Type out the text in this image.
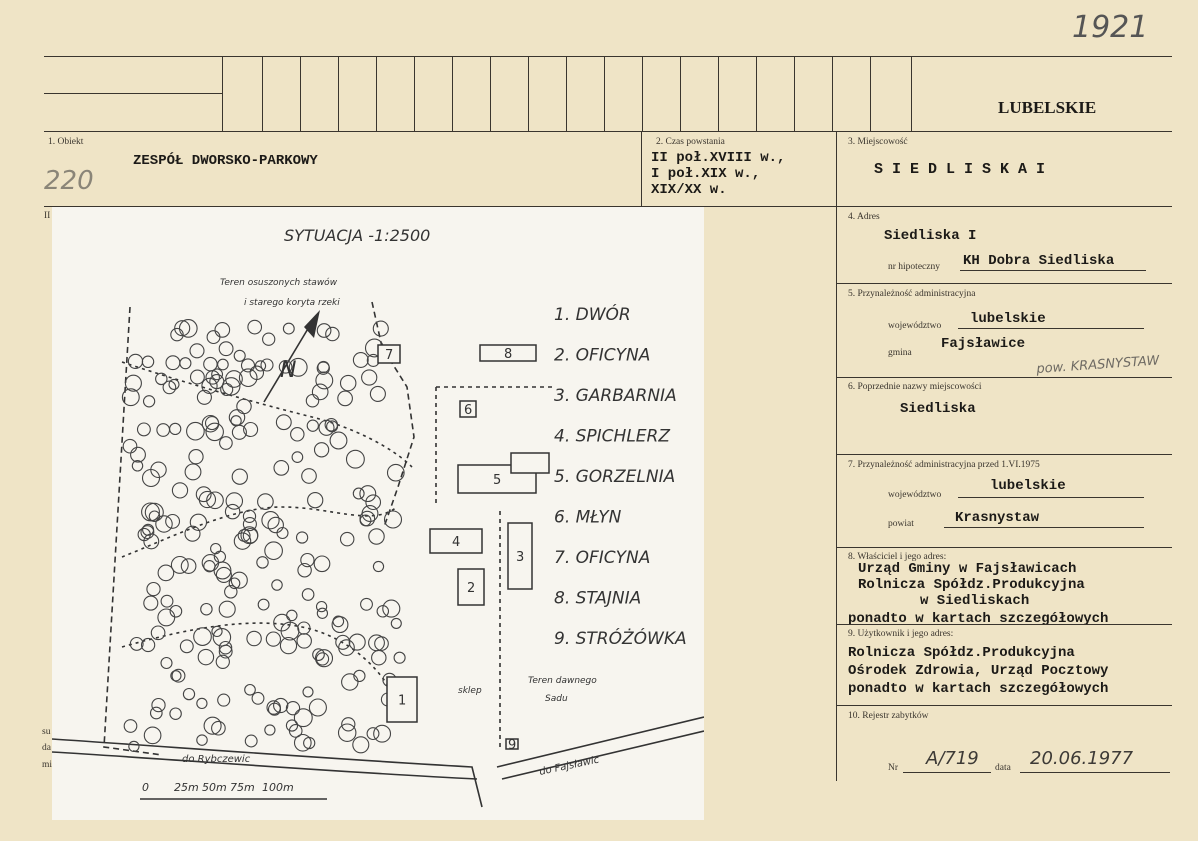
1921
LUBELSKIE
1. Obiekt
ZESPÓŁ DWORSKO-PARKOWY
220
2. Czas powstania
II poł.XVIII w.,
I poł.XIX w.,
XIX/XX w.
3. Miejscowość
S I E D L I S K A I
II	4. Adres
Siedliska I
nr hipoteczny KH Dobra Siedliska
5. Przynależność administracyjna
województwo lubelskie
gmina
Fajsławice
pow. KRASNYSTAW
6. Poprzednie nazwy miejscowości
Siedliska
7. Przynależność administracyjna przed 1.VI.1975
województwo
lubelskie
powiat	Krasnystaw
8. Właściciel i jego adres:
Urząd Gminy w Fajsławicach
Rolnicza Spółdz.Produkcyjna
w Siedliskach
ponadto w kartach szczegółowych
9. Użytkownik i jego adres:
Rolnicza Spółdz.Produkcyjna
Ośrodek Zdrowia, Urząd Pocztowy
ponadto w kartach szczegółowych
10. Rejestr zabytków
Nr A/719 data 20.06.1977
su
da
mi
1
2
3
4
5
6
7	8
9
SYTUACJA -1:2500
Teren osuszonych stawów
i starego koryta rzeki
N
1. DWÓR
2. OFICYNA
3. GARBARNIA
4. SPICHLERZ
5. GORZELNIA
6. MŁYN
7. OFICYNA
8. STAJNIA
9. STRÓŻÓWKA
Teren dawnego
Sadu
sklep
do Rybczewic	do Fajsławic
0 25m 50m 75m 100m
